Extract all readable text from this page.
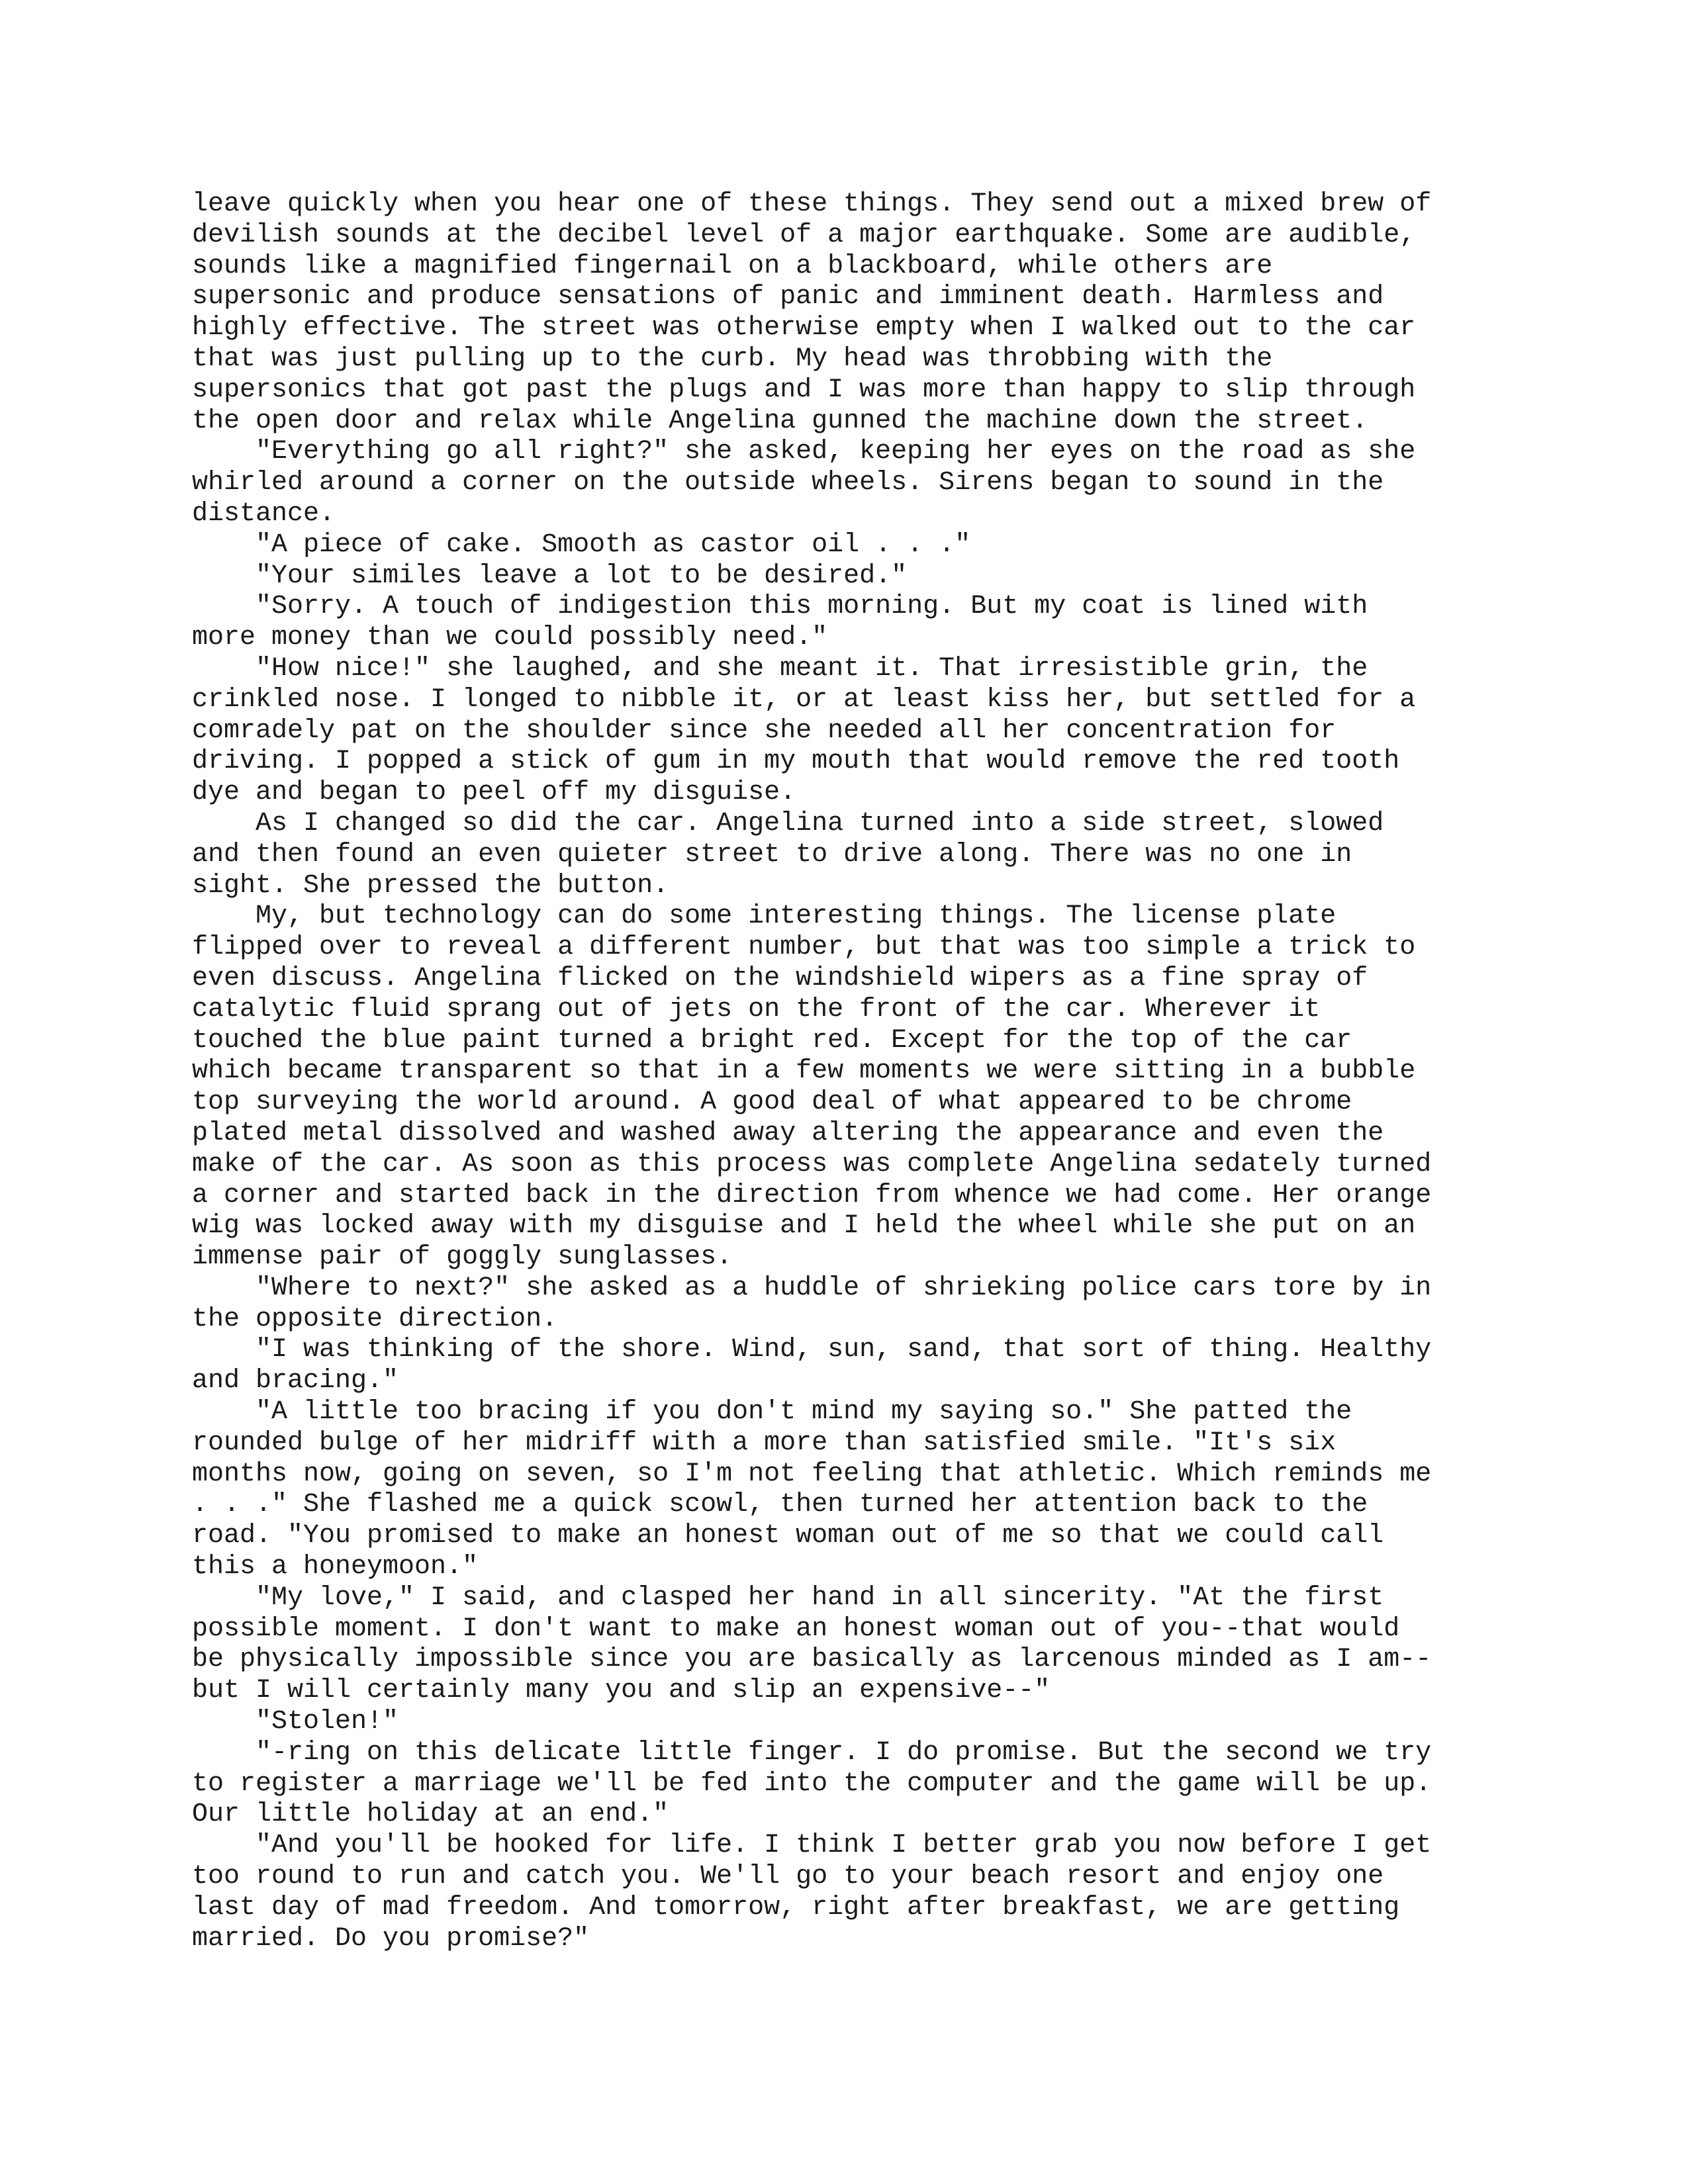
leave quickly when you hear one of these things. They send out a mixed brew of
devilish sounds at the decibel level of a major earthquake. Some are audible,
sounds like a magnified fingernail on a blackboard, while others are
supersonic and produce sensations of panic and imminent death. Harmless and
highly effective. The street was otherwise empty when I walked out to the car
that was just pulling up to the curb. My head was throbbing with the
supersonics that got past the plugs and I was more than happy to slip through
the open door and relax while Angelina gunned the machine down the street.
"Everything go all right?" she asked, keeping her eyes on the road as she
whirled around a corner on the outside wheels. Sirens began to sound in the
distance.
"A piece of cake. Smooth as castor oil . . ."
"Your similes leave a lot to be desired."
"Sorry. A touch of indigestion this morning. But my coat is lined with
more money than we could possibly need."
"How nice!" she laughed, and she meant it. That irresistible grin, the
crinkled nose. I longed to nibble it, or at least kiss her, but settled for a
comradely pat on the shoulder since she needed all her concentration for
driving. I popped a stick of gum in my mouth that would remove the red tooth
dye and began to peel off my disguise.
As I changed so did the car. Angelina turned into a side street, slowed
and then found an even quieter street to drive along. There was no one in
sight. She pressed the button.
My, but technology can do some interesting things. The license plate
flipped over to reveal a different number, but that was too simple a trick to
even discuss. Angelina flicked on the windshield wipers as a fine spray of
catalytic fluid sprang out of jets on the front of the car. Wherever it
touched the blue paint turned a bright red. Except for the top of the car
which became transparent so that in a few moments we were sitting in a bubble
top surveying the world around. A good deal of what appeared to be chrome
plated metal dissolved and washed away altering the appearance and even the
make of the car. As soon as this process was complete Angelina sedately turned
a corner and started back in the direction from whence we had come. Her orange
wig was locked away with my disguise and I held the wheel while she put on an
immense pair of goggly sunglasses.
"Where to next?" she asked as a huddle of shrieking police cars tore by in
the opposite direction.
"I was thinking of the shore. Wind, sun, sand, that sort of thing. Healthy
and bracing."
"A little too bracing if you don't mind my saying so." She patted the
rounded bulge of her midriff with a more than satisfied smile. "It's six
months now, going on seven, so I'm not feeling that athletic. Which reminds me
. . ." She flashed me a quick scowl, then turned her attention back to the
road. "You promised to make an honest woman out of me so that we could call
this a honeymoon."
"My love," I said, and clasped her hand in all sincerity. "At the first
possible moment. I don't want to make an honest woman out of you--that would
be physically impossible since you are basically as larcenous minded as I am--
but I will certainly many you and slip an expensive--"
"Stolen!"
"-ring on this delicate little finger. I do promise. But the second we try
to register a marriage we'll be fed into the computer and the game will be up.
Our little holiday at an end."
"And you'll be hooked for life. I think I better grab you now before I get
too round to run and catch you. We'll go to your beach resort and enjoy one
last day of mad freedom. And tomorrow, right after breakfast, we are getting
married. Do you promise?"
